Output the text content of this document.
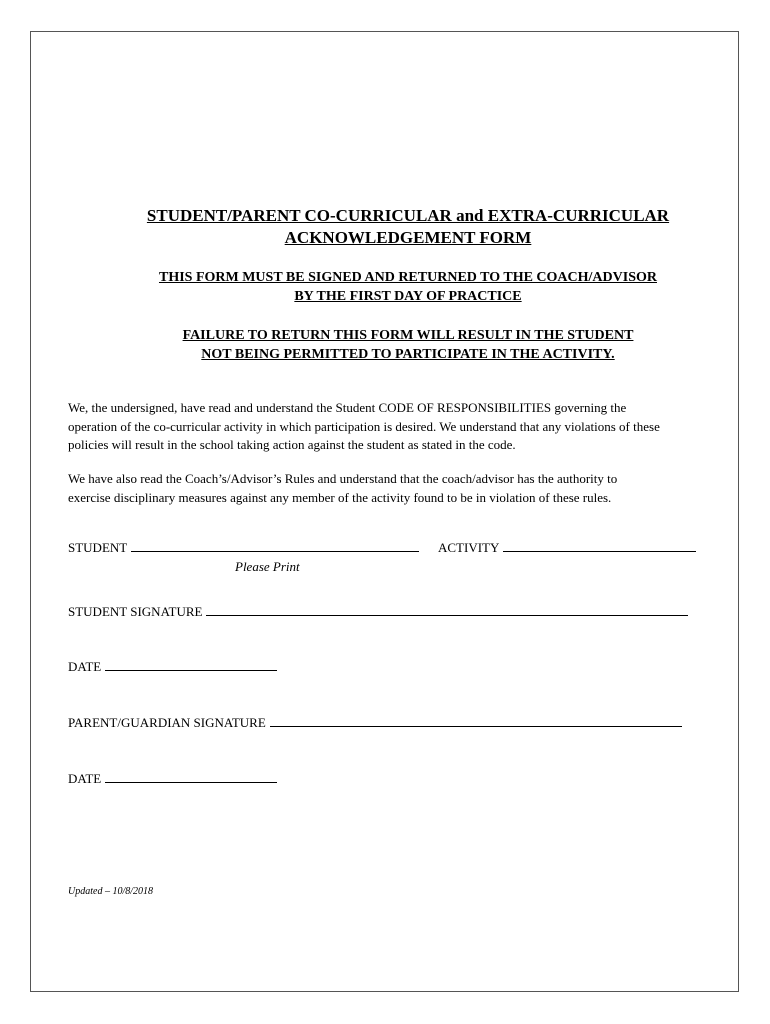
STUDENT/PARENT CO-CURRICULAR and EXTRA-CURRICULAR
ACKNOWLEDGEMENT FORM
THIS FORM MUST BE SIGNED AND RETURNED TO THE COACH/ADVISOR
BY THE FIRST DAY OF PRACTICE
FAILURE TO RETURN THIS FORM WILL RESULT IN THE STUDENT
NOT BEING PERMITTED TO PARTICIPATE IN THE ACTIVITY.

We, the undersigned, have read and understand the Student CODE OF RESPONSIBILITIES governing the
operation of the co-curricular activity in which participation is desired. We understand that any violations of these
policies will result in the school taking action against the student as stated in the code.

We have also read the Coach’s/Advisor’s Rules and understand that the coach/advisor has the authority to
exercise disciplinary measures against any member of the activity found to be in violation of these rules.

STUDENT
Please Print
ACTIVITY
STUDENT SIGNATURE
DATE
PARENT/GUARDIAN SIGNATURE
DATE
Updated – 10/8/2018
